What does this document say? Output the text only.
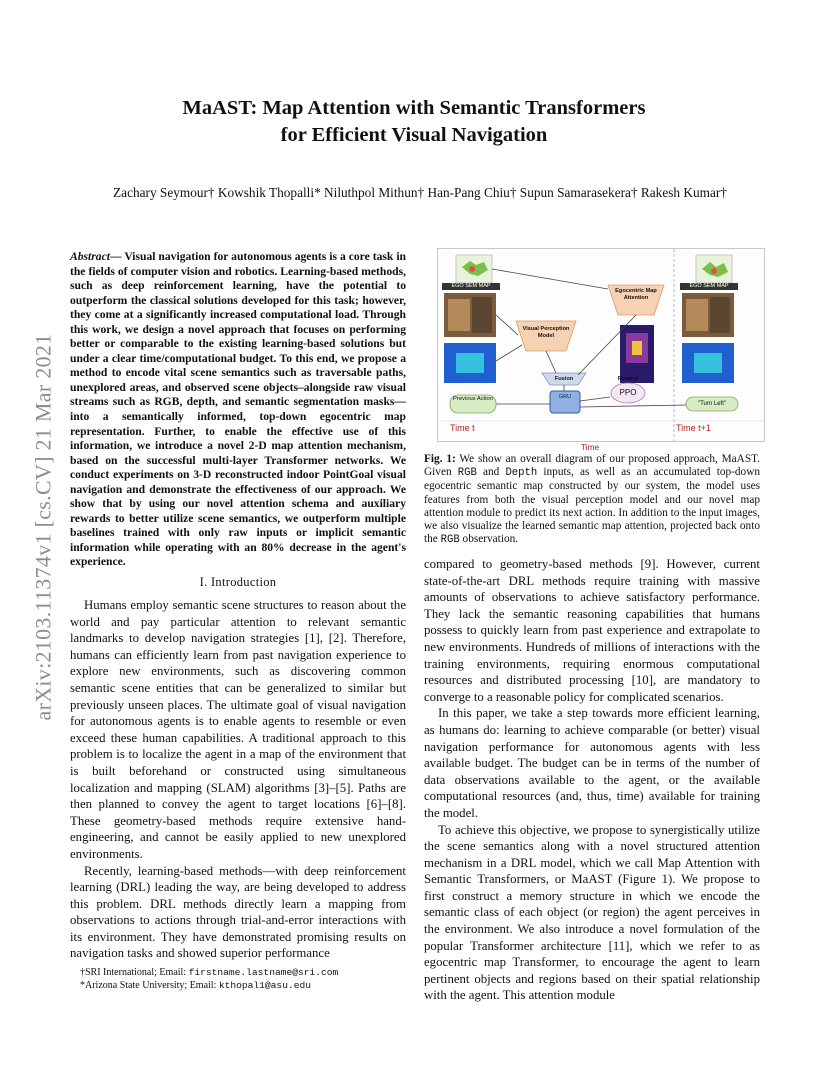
arXiv:2103.11374v1 [cs.CV] 21 Mar 2021
MaAST: Map Attention with Semantic Transformers
for Efficient Visual Navigation
Zachary Seymour† Kowshik Thopalli* Niluthpol Mithun† Han-Pang Chiu† Supun Samarasekera† Rakesh Kumar†
Abstract— Visual navigation for autonomous agents is a core task in the fields of computer vision and robotics. Learning-based methods, such as deep reinforcement learning, have the potential to outperform the classical solutions developed for this task; however, they come at a significantly increased computational load. Through this work, we design a novel approach that focuses on performing better or comparable to the existing learning-based solutions but under a clear time/computational budget. To this end, we propose a method to encode vital scene semantics such as traversable paths, unexplored areas, and observed scene objects–alongside raw visual streams such as RGB, depth, and semantic segmentation masks—into a semantically informed, top-down egocentric map representation. Further, to enable the effective use of this information, we introduce a novel 2-D map attention mechanism, based on the successful multi-layer Transformer networks. We conduct experiments on 3-D reconstructed indoor PointGoal visual navigation and demonstrate the effectiveness of our approach. We show that by using our novel attention schema and auxiliary rewards to better utilize scene semantics, we outperform multiple baselines trained with only raw inputs or implicit semantic information while operating with an 80% decrease in the agent's experience.
I. Introduction

Humans employ semantic scene structures to reason about the world and pay particular attention to relevant semantic landmarks to develop navigation strategies [1], [2]. Therefore, humans can efficiently learn from past navigation experience to explore new environments, such as discovering common semantic scene entities that can be generalized to similar but previously unseen places. The ultimate goal of visual navigation for autonomous agents is to enable agents to resemble or even exceed these human capabilities. A traditional approach to this problem is to localize the agent in a map of the environment that is built beforehand or constructed using simultaneous localization and mapping (SLAM) algorithms [3]–[5]. Paths are then planned to convey the agent to target locations [6]–[8]. These geometry-based methods require extensive hand-engineering, and cannot be easily applied to new unexplored environments.

Recently, learning-based methods—with deep reinforcement learning (DRL) leading the way, are being developed to address this problem. DRL methods directly learn a mapping from observations to actions through trial-and-error interactions with its environment. They have demonstrated promising results on navigation tasks and showed superior performance

†SRI International; Email: firstname.lastname@sri.com
*Arizona State University; Email: kthopal1@asu.edu
EGO SEM MAP	EGO SEM MAP
Visual Perception Model
Egocentric Map Attention
Fusion	Reward
PPO
GRU
Previous Action
"Turn Left"
Time t	Time t+1
Time
Fig. 1: We show an overall diagram of our proposed approach, MaAST. Given RGB and Depth inputs, as well as an accumulated top-down egocentric semantic map constructed by our system, the model uses features from both the visual perception model and our novel map attention module to predict its next action. In addition to the input images, we also visualize the learned semantic map attention, projected back onto the RGB observation.

compared to geometry-based methods [9]. However, current state-of-the-art DRL methods require training with massive amounts of observations to achieve satisfactory performance. They lack the semantic reasoning capabilities that humans possess to quickly learn from past experience and extrapolate to new environments. Hundreds of millions of interactions with the training environments, requiring enormous computational resources and distributed processing [10], are mandatory to converge to a reasonable policy for complicated scenarios.

In this paper, we take a step towards more efficient learning, as humans do: learning to achieve comparable (or better) visual navigation performance for autonomous agents with less available budget. The budget can be in terms of the number of data observations available to the agent, or the available computational resources (and, thus, time) available for training the model.

To achieve this objective, we propose to synergistically utilize the scene semantics along with a novel structured attention mechanism in a DRL model, which we call Map Attention with Semantic Transformers, or MaAST (Figure 1). We propose to first construct a memory structure in which we encode the semantic class of each object (or region) the agent perceives in the environment. We also introduce a novel formulation of the popular Transformer architecture [11], which we refer to as egocentric map Transformer, to encourage the agent to learn pertinent objects and regions based on their spatial relationship with the agent. This attention module
